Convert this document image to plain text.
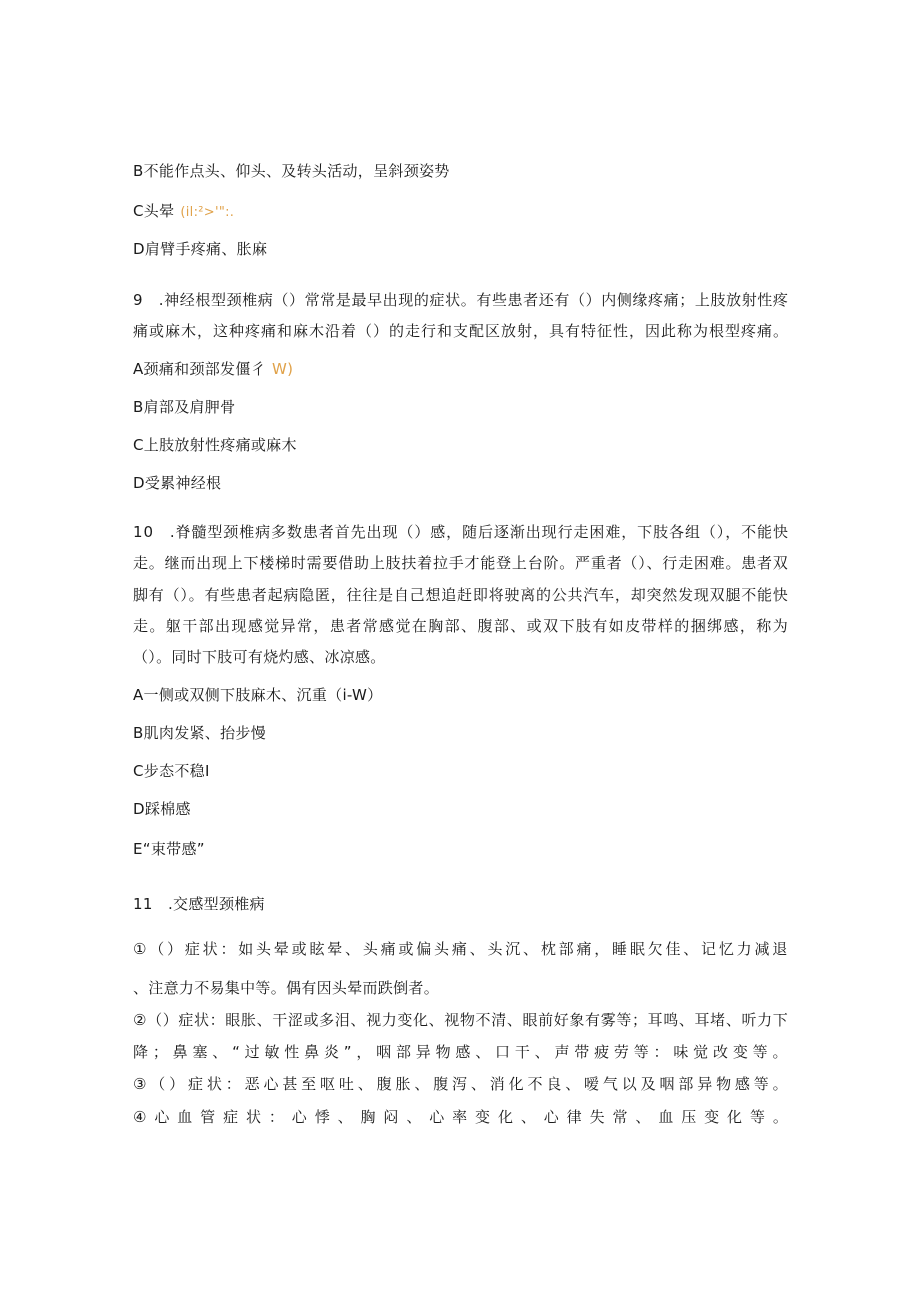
B不能作点头、仰头、及转头活动，呈斜颈姿势
C头晕 (il:²>'":.
D肩臂手疼痛、胀麻
9　.神经根型颈椎病（）常常是最早出现的症状。有些患者还有（）内侧缘疼痛；上肢放射性疼
痛或麻木，这种疼痛和麻木沿着（）的走行和支配区放射，具有特征性，因此称为根型疼痛。
A颈痛和颈部发僵彳 W)
B肩部及肩胛骨
C上肢放射性疼痛或麻木
D受累神经根
10　.脊髓型颈椎病多数患者首先出现（）感，随后逐渐出现行走困难，下肢各组（），不能快
走。继而出现上下楼梯时需要借助上肢扶着拉手才能登上台阶。严重者（）、行走困难。患者双
脚有（）。有些患者起病隐匿，往往是自己想追赶即将驶离的公共汽车，却突然发现双腿不能快
走。躯干部出现感觉异常，患者常感觉在胸部、腹部、或双下肢有如皮带样的捆绑感，称为
（）。同时下肢可有烧灼感、冰凉感。
A一侧或双侧下肢麻木、沉重（i-W）
B肌肉发紧、抬步慢
C步态不稳I
D踩棉感
E“束带感”
11　.交感型颈椎病
①（）症状：如头晕或眩晕、头痛或偏头痛、头沉、枕部痛，睡眠欠佳、记忆力减退
、注意力不易集中等。偶有因头晕而跌倒者。
②（）症状：眼胀、干涩或多泪、视力变化、视物不清、眼前好象有雾等；耳鸣、耳堵、听力下
降；鼻塞、“过敏性鼻炎”，咽部异物感、口干、声带疲劳等：味觉改变等。
③（）症状：恶心甚至呕吐、腹胀、腹泻、消化不良、嗳气以及咽部异物感等。
④心血管症状：心悸、胸闷、心率变化、心律失常、血压变化等。
